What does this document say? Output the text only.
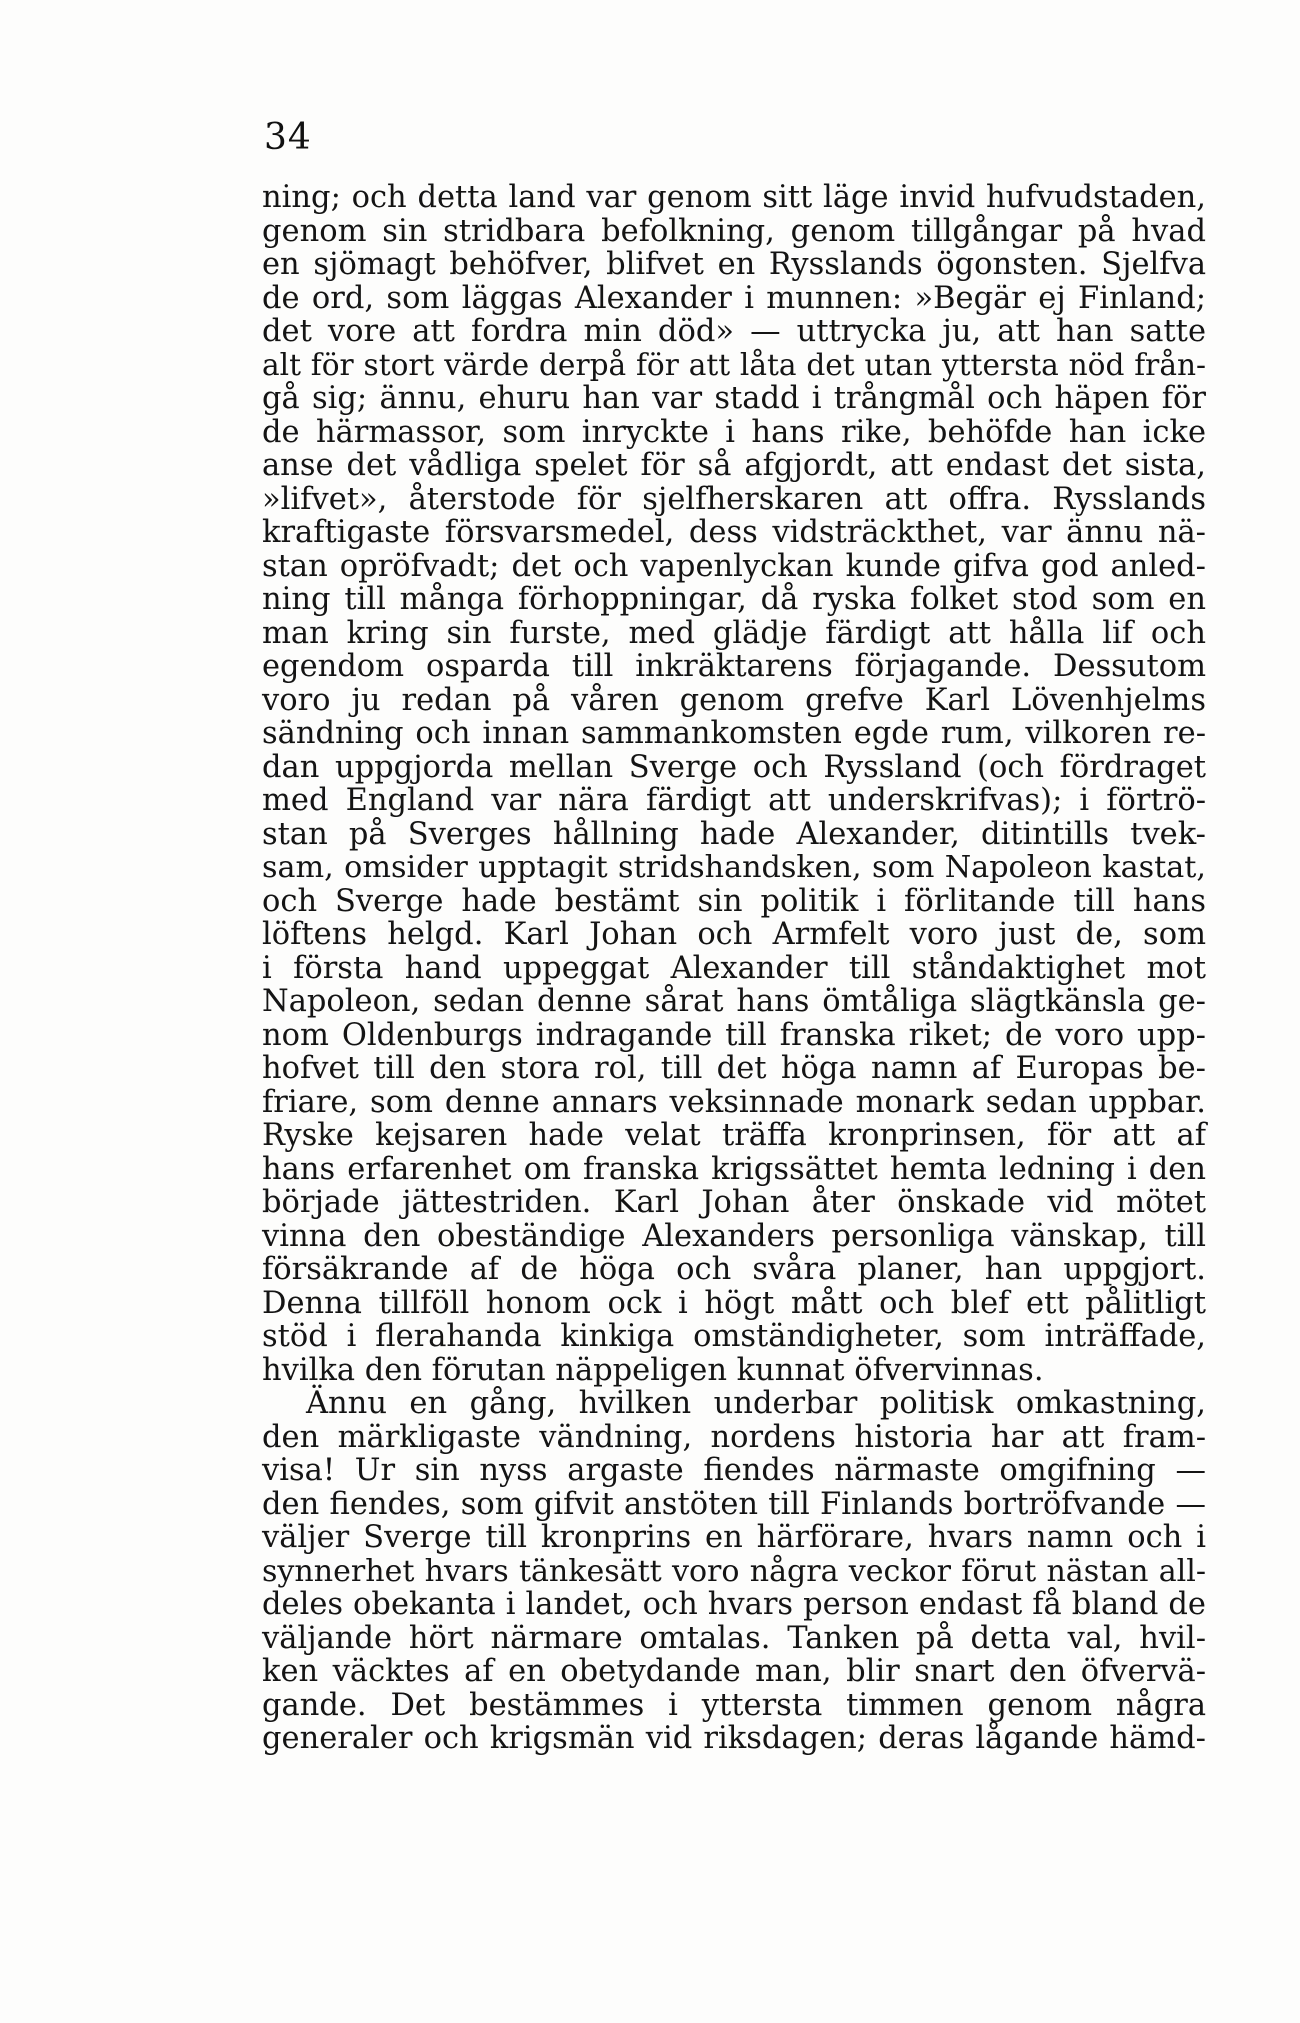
34
ning; och detta land var genom sitt läge invid hufvudstaden,
genom sin stridbara befolkning, genom tillgångar på hvad
en sjömagt behöfver, blifvet en Rysslands ögonsten. Sjelfva
de ord, som läggas Alexander i munnen: »Begär ej Finland;
det vore att fordra min död» — uttrycka ju, att han satte
alt för stort värde derpå för att låta det utan yttersta nöd från-
gå sig; ännu, ehuru han var stadd i trångmål och häpen för
de härmassor, som inryckte i hans rike, behöfde han icke
anse det vådliga spelet för så afgjordt, att endast det sista,
»lifvet», återstode för sjelfherskaren att offra. Rysslands
kraftigaste försvarsmedel, dess vidsträckthet, var ännu nä-
stan opröfvadt; det och vapenlyckan kunde gifva god anled-
ning till många förhoppningar, då ryska folket stod som en
man kring sin furste, med glädje färdigt att hålla lif och
egendom osparda till inkräktarens förjagande. Dessutom
voro ju redan på våren genom grefve Karl Lövenhjelms
sändning och innan sammankomsten egde rum, vilkoren re-
dan uppgjorda mellan Sverge och Ryssland (och fördraget
med England var nära färdigt att underskrifvas); i förtrö-
stan på Sverges hållning hade Alexander, ditintills tvek-
sam, omsider upptagit stridshandsken, som Napoleon kastat,
och Sverge hade bestämt sin politik i förlitande till hans
löftens helgd. Karl Johan och Armfelt voro just de, som
i första hand uppeggat Alexander till ståndaktighet mot
Napoleon, sedan denne sårat hans ömtåliga slägtkänsla ge-
nom Oldenburgs indragande till franska riket; de voro upp-
hofvet till den stora rol, till det höga namn af Europas be-
friare, som denne annars veksinnade monark sedan uppbar.
Ryske kejsaren hade velat träffa kronprinsen, för att af
hans erfarenhet om franska krigssättet hemta ledning i den
började jättestriden. Karl Johan åter önskade vid mötet
vinna den obeständige Alexanders personliga vänskap, till
försäkrande af de höga och svåra planer, han uppgjort.
Denna tillföll honom ock i högt mått och blef ett pålitligt
stöd i flerahanda kinkiga omständigheter, som inträffade,
hvilka den förutan näppeligen kunnat öfvervinnas.
Ännu en gång, hvilken underbar politisk omkastning,
den märkligaste vändning, nordens historia har att fram-
visa! Ur sin nyss argaste fiendes närmaste omgifning —
den fiendes, som gifvit anstöten till Finlands bortröfvande —
väljer Sverge till kronprins en härförare, hvars namn och i
synnerhet hvars tänkesätt voro några veckor förut nästan all-
deles obekanta i landet, och hvars person endast få bland de
väljande hört närmare omtalas. Tanken på detta val, hvil-
ken väcktes af en obetydande man, blir snart den öfvervä-
gande. Det bestämmes i yttersta timmen genom några
generaler och krigsmän vid riksdagen; deras lågande hämd-
